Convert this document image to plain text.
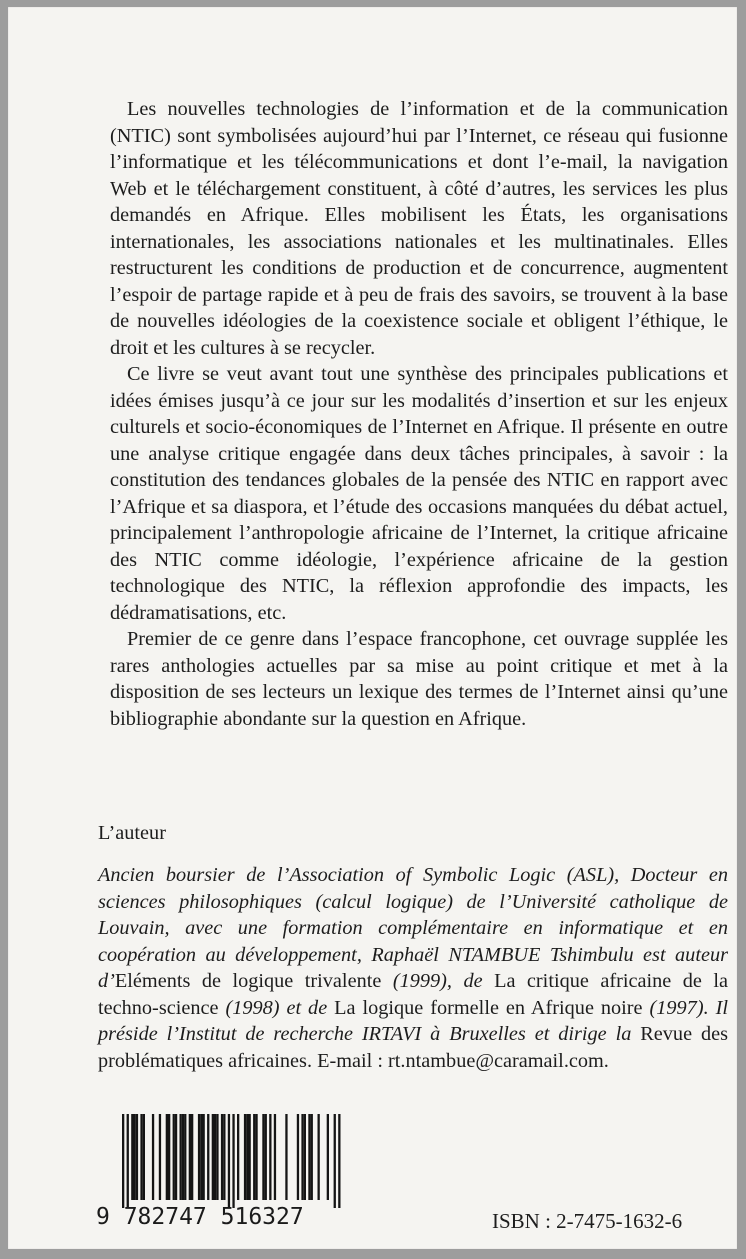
Les nouvelles technologies de l’information et de la communication (NTIC) sont symbolisées aujourd’hui par l’Internet, ce réseau qui fusionne l’informatique et les télécommunications et dont l’e-mail, la navigation Web et le téléchargement constituent, à côté d’autres, les services les plus demandés en Afrique. Elles mobilisent les États, les organisations internationales, les associations nationales et les multinatinales. Elles restructurent les conditions de production et de concurrence, augmentent l’espoir de partage rapide et à peu de frais des savoirs, se trouvent à la base de nouvelles idéologies de la coexistence sociale et obligent l’éthique, le droit et les cultures à se recycler.

Ce livre se veut avant tout une synthèse des principales publications et idées émises jusqu’à ce jour sur les modalités d’insertion et sur les enjeux culturels et socio-économiques de l’Internet en Afrique. Il présente en outre une analyse critique engagée dans deux tâches principales, à savoir : la constitution des tendances globales de la pensée des NTIC en rapport avec l’Afrique et sa diaspora, et l’étude des occasions manquées du débat actuel, principalement l’anthropologie africaine de l’Internet, la critique africaine des NTIC comme idéologie, l’expérience africaine de la gestion technologique des NTIC, la réflexion approfondie des impacts, les dédramatisations, etc.

Premier de ce genre dans l’espace francophone, cet ouvrage supplée les rares anthologies actuelles par sa mise au point critique et met à la disposition de ses lecteurs un lexique des termes de l’Internet ainsi qu’une bibliographie abondante sur la question en Afrique.

L’auteur

Ancien boursier de l’Association of Symbolic Logic (ASL), Docteur en sciences philosophiques (calcul logique) de l’Université catholique de Louvain, avec une formation complémentaire en informatique et en coopération au développement, Raphaël NTAMBUE Tshimbulu est auteur d’Eléments de logique trivalente (1999), de La critique africaine de la techno-science (1998) et de La logique formelle en Afrique noire (1997). Il préside l’Institut de recherche IRTAVI à Bruxelles et dirige la Revue des problématiques africaines. E-mail : rt.ntambue@caramail.com.

9 782747 516327	ISBN : 2-7475-1632-6
